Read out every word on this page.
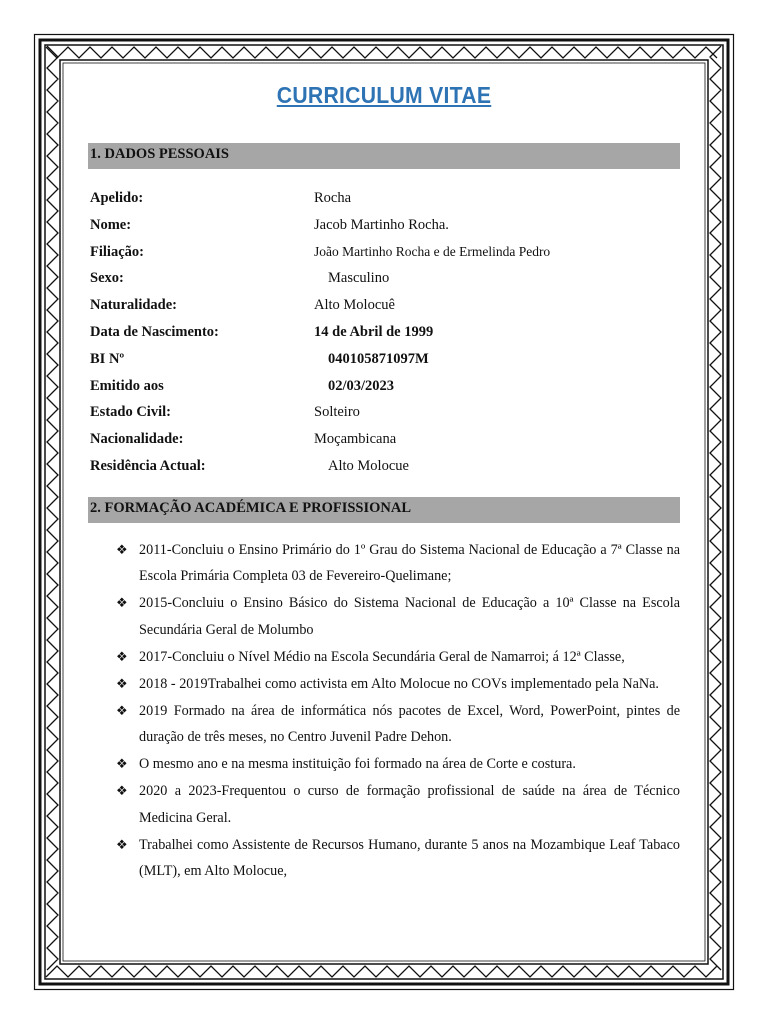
CURRICULUM VITAE
1. DADOS PESSOAIS
Apelido:	Rocha
Nome:	Jacob Martinho Rocha.
Filiação:	João Martinho Rocha e de Ermelinda Pedro
Sexo:	Masculino
Naturalidade:	Alto Molocuê
Data de Nascimento:	14 de Abril de 1999
BI Nº	040105871097M
Emitido aos	02/03/2023
Estado Civil:	Solteiro
Nacionalidade:	Moçambicana
Residência Actual:	Alto Molocue
2. FORMAÇÃO ACADÉMICA E PROFISSIONAL
❖ 2011-Concluiu o Ensino Primário do 1º Grau do Sistema Nacional de Educação a 7ª Classe na Escola Primária Completa 03 de Fevereiro-Quelimane;
❖ 2015-Concluiu o Ensino Básico do Sistema Nacional de Educação a 10ª Classe na Escola Secundária Geral de Molumbo
❖ 2017-Concluiu o Nível Médio na Escola Secundária Geral de Namarroi; á 12ª Classe,
❖ 2018 - 2019Trabalhei como activista em Alto Molocue no COVs implementado pela NaNa.
❖ 2019 Formado na área de informática nós pacotes de Excel, Word, PowerPoint, pintes de duração de três meses, no Centro Juvenil Padre Dehon.
❖ O mesmo ano e na mesma instituição foi formado na área de Corte e costura.
❖ 2020 a 2023-Frequentou o curso de formação profissional de saúde na área de Técnico Medicina Geral.
❖ Trabalhei como Assistente de Recursos Humano, durante 5 anos na Mozambique Leaf Tabaco (MLT), em Alto Molocue,
